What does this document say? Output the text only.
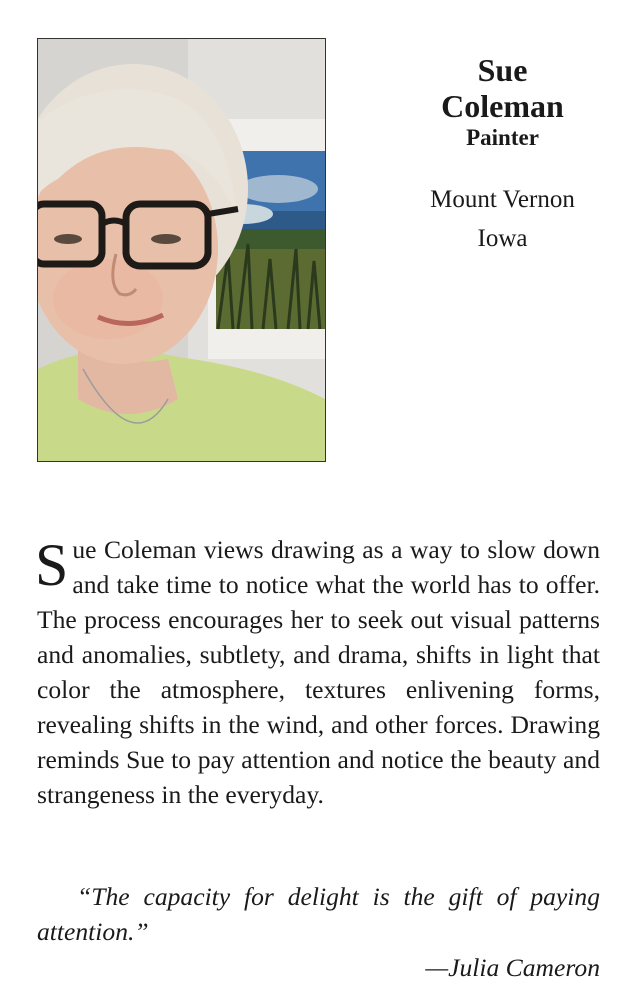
Sue
Coleman
Painter
Mount Vernon
Iowa

Sue Coleman views drawing as a way to slow down and take time to notice what the world has to offer. The process encourages her to seek out visual patterns and anomalies, subtlety, and drama, shifts in light that color the atmosphere, textures enlivening forms, revealing shifts in the wind, and other forces. Drawing reminds Sue to pay attention and notice the beauty and strangeness in the everyday.

“The capacity for delight is the gift of paying attention.”

—Julia Cameron
